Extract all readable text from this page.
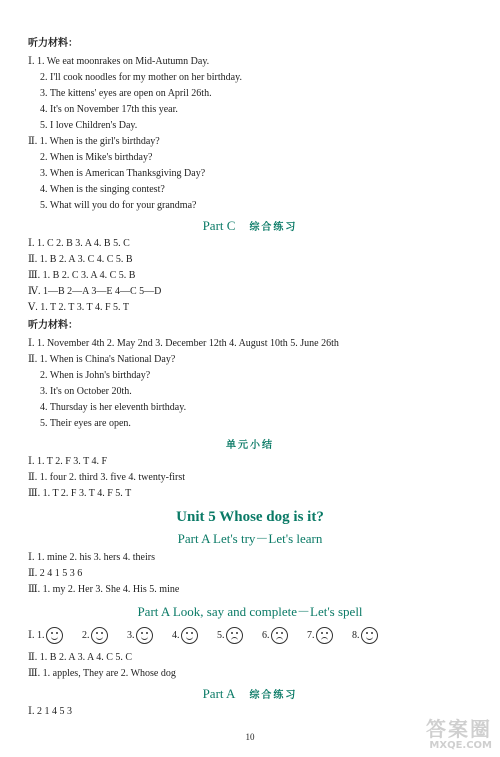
听力材料：
Ⅰ. 1. We eat moonrakes on Mid-Autumn Day.
2. I'll cook noodles for my mother on her birthday.
3. The kittens' eyes are open on April 26th.
4. It's on November 17th this year.
5. I love Children's Day.
Ⅱ. 1. When is the girl's birthday?
2. When is Mike's birthday?
3. When is American Thanksgiving Day?
4. When is the singing contest?
5. What will you do for your grandma?
Part C 综合练习
Ⅰ. 1. C 2. B 3. A 4. B 5. C
Ⅱ. 1. B 2. A 3. C 4. C 5. B
Ⅲ. 1. B 2. C 3. A 4. C 5. B
Ⅳ. 1—B 2—A 3—E 4—C 5—D
Ⅴ. 1. T 2. T 3. T 4. F 5. T
听力材料：
Ⅰ. 1. November 4th 2. May 2nd 3. December 12th 4. August 10th 5. June 26th
Ⅱ. 1. When is China's National Day?
2. When is John's birthday?
3. It's on October 20th.
4. Thursday is her eleventh birthday.
5. Their eyes are open.
单元小结
Ⅰ. 1. T 2. F 3. T 4. F
Ⅱ. 1. four 2. third 3. five 4. twenty-first
Ⅲ. 1. T 2. F 3. T 4. F 5. T
Unit 5 Whose dog is it?
Part A Let's try－Let's learn
Ⅰ. 1. mine 2. his 3. hers 4. theirs
Ⅱ. 2 4 1 5 3 6
Ⅲ. 1. my 2. Her 3. She 4. His 5. mine
Part A Look, say and complete－Let's spell
Ⅰ. 1.	2.	3.	4.	5.	6.	7.	8.
Ⅱ. 1. B 2. A 3. A 4. C 5. C
Ⅲ. 1. apples, They are 2. Whose dog
Part A 综合练习
Ⅰ. 2 1 4 5 3
10	答案圈
MXQE.COM
